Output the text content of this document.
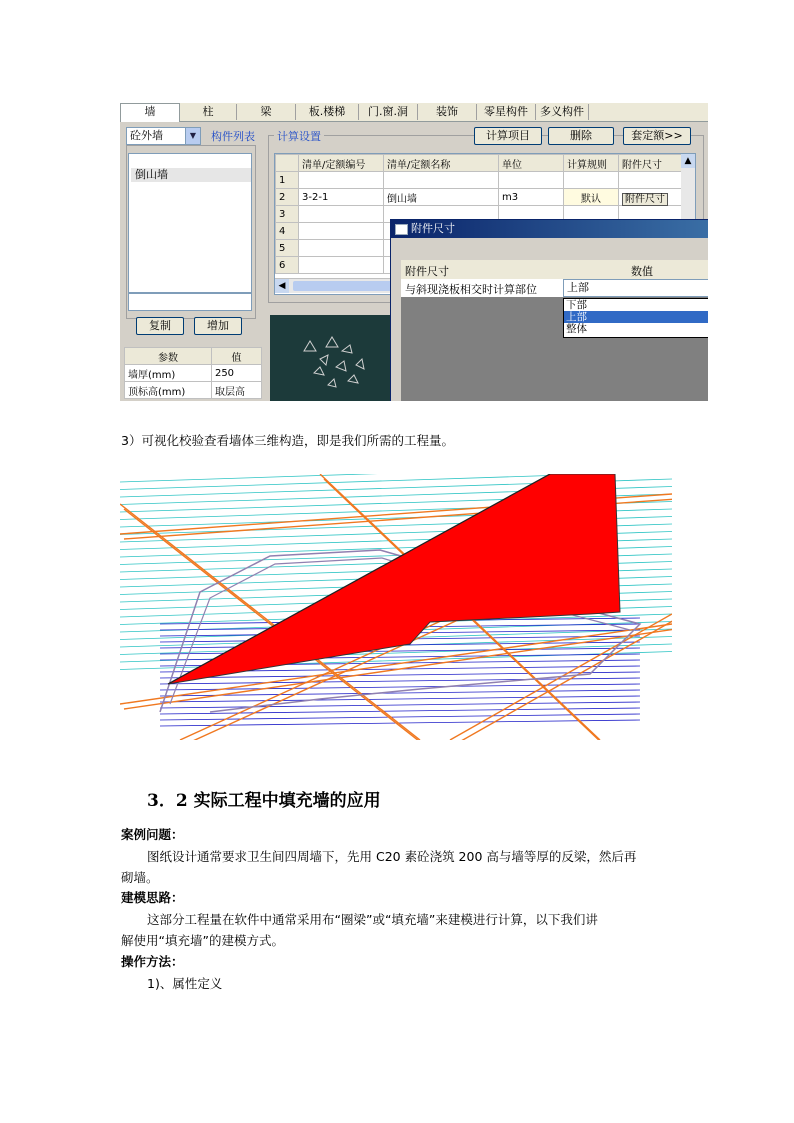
墙	柱	梁	板.楼梯	门.窗.洞	装饰	零星构件	多义构件
砼外墙	▼	构件列表
倒山墙
复制	增加
参数	值
墙厚(mm)	250
顶标高(mm)	取层高
计算设置	计算项目	删除	套定额>>
	清单/定额编号	清单/定额名称	单位	计算规则	附件尺寸
1					
2	3-2-1	倒山墙	m3	默认	附件尺寸
3					
4					
5					
6					
◀
▲
附件尺寸
附件尺寸	数值
与斜现浇板相交时计算部位	上部
下部
上部
整体
3）可视化校验查看墙体三维构造，即是我们所需的工程量。
3．2 实际工程中填充墙的应用
案例问题：
图纸设计通常要求卫生间四周墙下，先用 C20 素砼浇筑 200 高与墙等厚的反梁，然后再
砌墙。
建模思路：
这部分工程量在软件中通常采用布“圈梁”或“填充墙”来建模进行计算，以下我们讲
解使用“填充墙”的建模方式。
操作方法：
1)、属性定义
